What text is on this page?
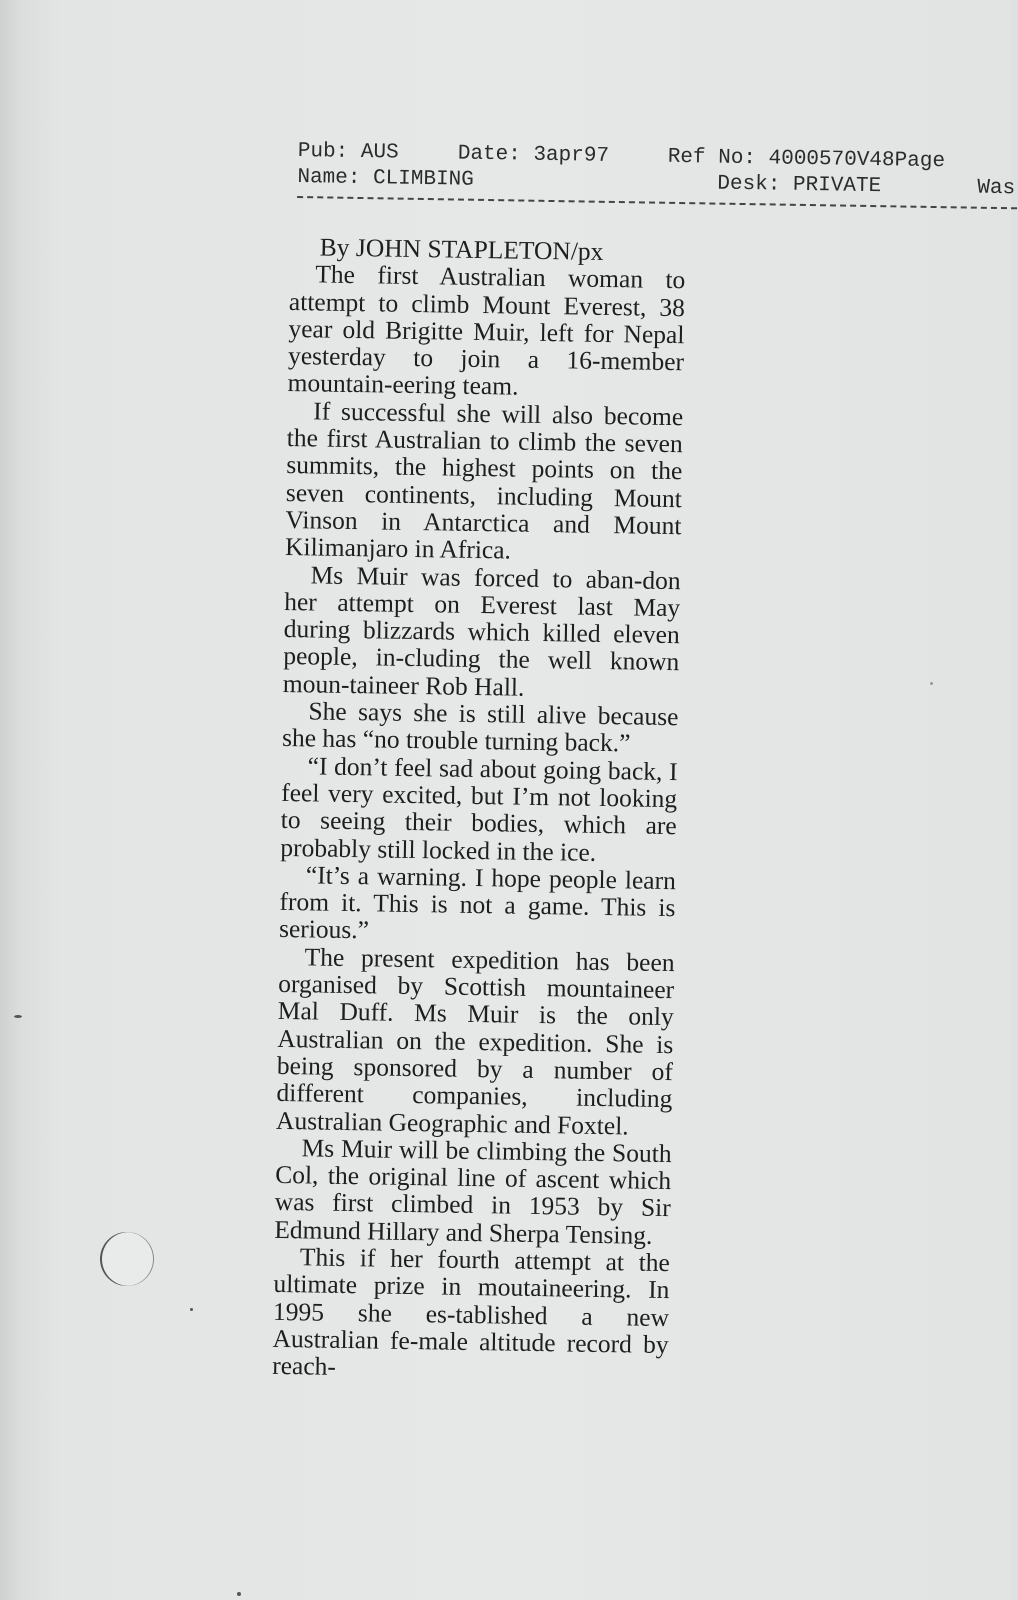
Pub: AUS	Date: 3apr97	Ref No: 4000570V48Page
Name: CLIMBING	Desk: PRIVATE	Was
By JOHN STAPLETON/px

The first Australian woman to attempt to climb Mount Everest, 38 year old Brigitte Muir, left for Nepal yesterday to join a 16-member mountain-eering team.

If successful she will also become the first Australian to climb the seven summits, the highest points on the seven continents, including Mount Vinson in Antarctica and Mount Kilimanjaro in Africa.

Ms Muir was forced to aban-don her attempt on Everest last May during blizzards which killed eleven people, in-cluding the well known moun-taineer Rob Hall.

She says she is still alive because she has “no trouble turning back.”

“I don’t feel sad about going back, I feel very excited, but I’m not looking to seeing their bodies, which are probably still locked in the ice.

“It’s a warning. I hope people learn from it. This is not a game. This is serious.”

The present expedition has been organised by Scottish mountaineer Mal Duff. Ms Muir is the only Australian on the expedition. She is being sponsored by a number of different companies, including Australian Geographic and Foxtel.

Ms Muir will be climbing the South Col, the original line of ascent which was first climbed in 1953 by Sir Edmund Hillary and Sherpa Tensing.

This if her fourth attempt at the ultimate prize in moutaineering. In 1995 she es-tablished a new Australian fe-male altitude record by reach-
